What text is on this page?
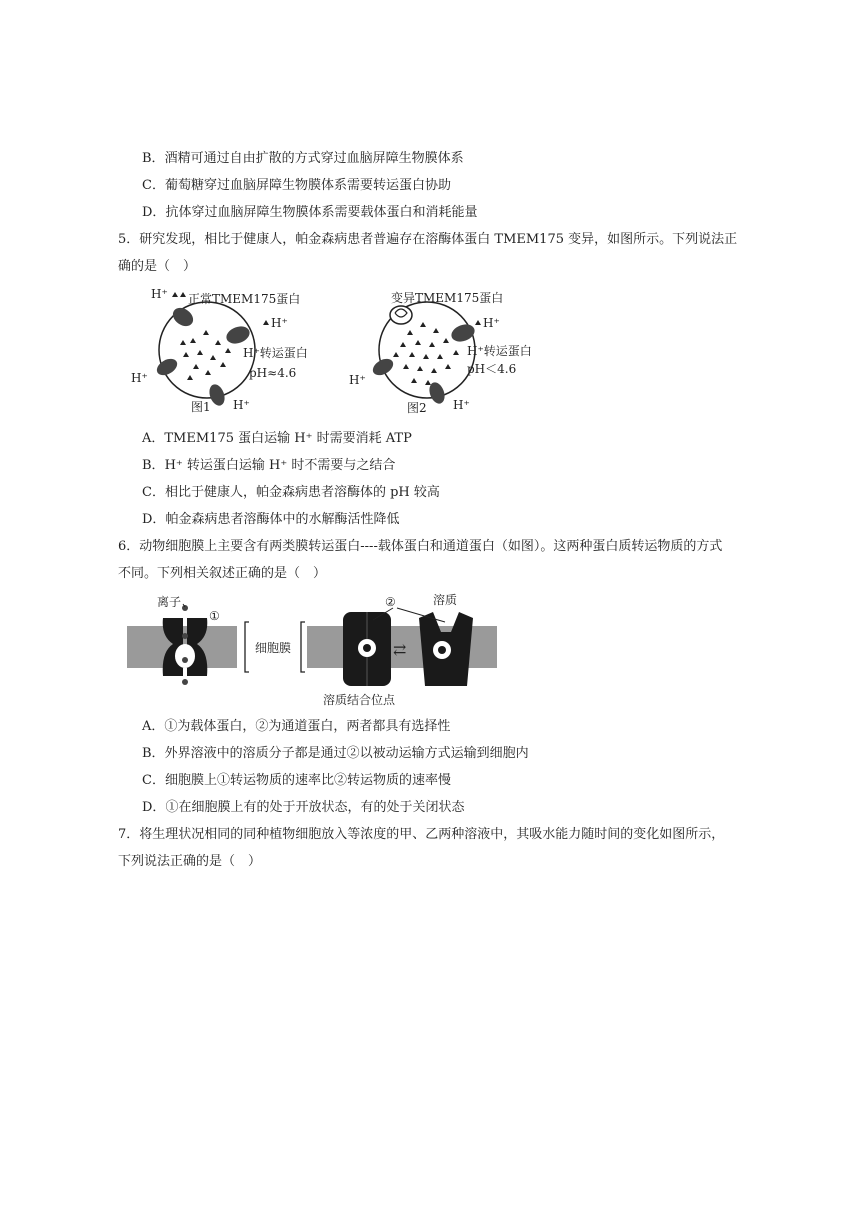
B．酒精可通过自由扩散的方式穿过血脑屏障生物膜体系
C．葡萄糖穿过血脑屏障生物膜体系需要转运蛋白协助
D．抗体穿过血脑屏障生物膜体系需要载体蛋白和消耗能量
5．研究发现，相比于健康人，帕金森病患者普遍存在溶酶体蛋白 TMEM175 变异，如图所示。下列说法正
确的是（　）
H⁺ 正常TMEM175蛋白
H⁺
H⁺转运蛋白
pH≈4.6
H⁺
图1 H⁺
变异TMEM175蛋白
H⁺
H⁺转运蛋白
pH＜4.6
H⁺
图2 H⁺
A．TMEM175 蛋白运输 H⁺ 时需要消耗 ATP
B．H⁺ 转运蛋白运输 H⁺ 时不需要与之结合
C．相比于健康人，帕金森病患者溶酶体的 pH 较高
D．帕金森病患者溶酶体中的水解酶活性降低
6．动物细胞膜上主要含有两类膜转运蛋白----载体蛋白和通道蛋白（如图）。这两种蛋白质转运物质的方式
不同。下列相关叙述正确的是（　）
离子
①
细胞膜	⇄
②	溶质
溶质结合位点
A．①为载体蛋白，②为通道蛋白，两者都具有选择性
B．外界溶液中的溶质分子都是通过②以被动运输方式运输到细胞内
C．细胞膜上①转运物质的速率比②转运物质的速率慢
D．①在细胞膜上有的处于开放状态，有的处于关闭状态
7．将生理状况相同的同种植物细胞放入等浓度的甲、乙两种溶液中，其吸水能力随时间的变化如图所示，
下列说法正确的是（　）
